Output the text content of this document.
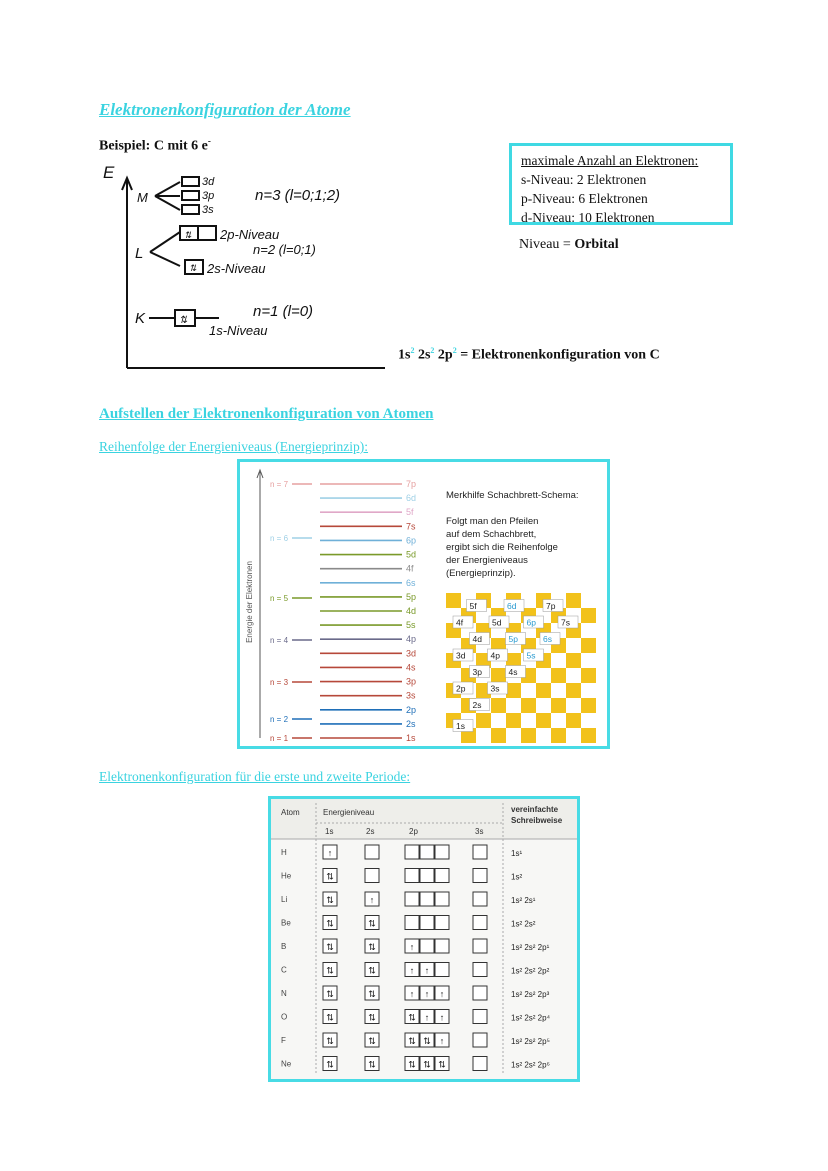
Elektronenkonfiguration der Atome
Beispiel: C mit 6 e-
E
M
L
K
3d
3p
3s
n=3 (l=0;1;2)
⇅ 2p-Niveau
n=2 (l=0;1)
⇅ 2s-Niveau
⇅
n=1 (l=0)
1s-Niveau
maximale Anzahl an Elektronen:
s-Niveau: 2 Elektronen
p-Niveau: 6 Elektronen
d-Niveau: 10 Elektronen
Niveau = Orbital
$1s^2$ $2s^2$ $2p^2$ = Elektronenkonfiguration von C
Aufstellen der Elektronenkonfiguration von Atomen
Reihenfolge der Energieniveaus (Energieprinzip):
Energie der Elektronen
7p
6d
5f
7s
6p
5d
4f
6s
5p
4d
5s
4p
3d
4s
3p
3s
2p
2s
1s
n = 7
n = 6
n = 5
n = 4
n = 3
n = 2
n = 1
Merkhilfe Schachbrett-Schema:
Folgt man den Pfeilen
auf dem Schachbrett,
ergibt sich die Reihenfolge
der Energieniveaus
(Energieprinzip).
5f	6d	7p
4f	5d	6p	7s
4d	5p	6s
3d	4p	5s
3p	4s
2p	3s
2s
1s
Elektronenkonfiguration für die erste und zweite Periode:
Atom	Energieniveau	vereinfachte Schreibweise
1s	2s	2p	3s
H	↑	1s¹
He	⇅	1s²
Li	⇅	↑	1s² 2s¹
Be	⇅	⇅	1s² 2s²
B	⇅	⇅	↑	1s² 2s² 2p¹
C	⇅	⇅	↑ ↑	1s² 2s² 2p²
N	⇅	⇅	↑ ↑ ↑	1s² 2s² 2p³
O	⇅	⇅	⇅ ↑ ↑	1s² 2s² 2p⁴
F	⇅	⇅	⇅ ⇅ ↑	1s² 2s² 2p⁵
Ne	⇅	⇅	⇅ ⇅ ⇅	1s² 2s² 2p⁶
